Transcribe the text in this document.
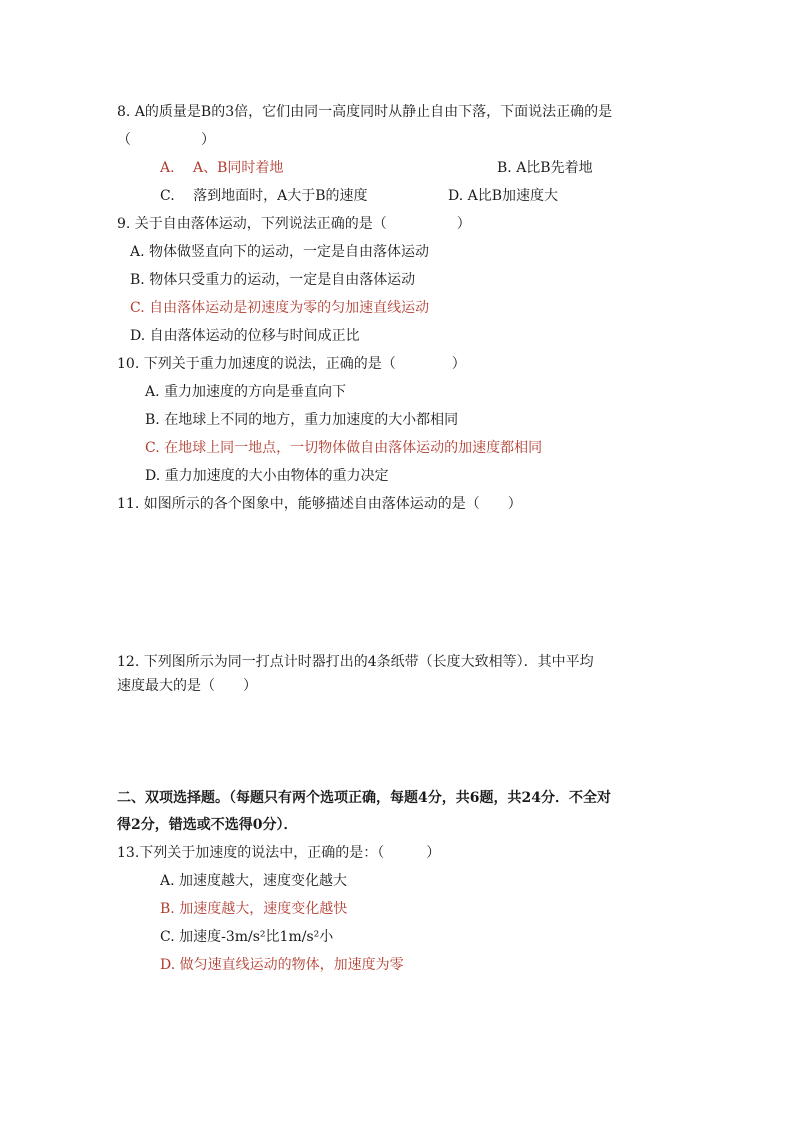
8. A的质量是B的3倍，它们由同一高度同时从静止自由下落，下面说法正确的是
（　　　　　）
A.　 A、B同时着地	B. A比B先着地
C.　 落到地面时，A大于B的速度	D. A比B加速度大
9. 关于自由落体运动，下列说法正确的是（　　　　　）
A. 物体做竖直向下的运动，一定是自由落体运动
B. 物体只受重力的运动，一定是自由落体运动
C. 自由落体运动是初速度为零的匀加速直线运动
D. 自由落体运动的位移与时间成正比
10. 下列关于重力加速度的说法，正确的是（　　　　）
A. 重力加速度的方向是垂直向下
B. 在地球上不同的地方，重力加速度的大小都相同
C. 在地球上同一地点，一切物体做自由落体运动的加速度都相同
D. 重力加速度的大小由物体的重力决定
11. 如图所示的各个图象中，能够描述自由落体运动的是（　　）
12. 下列图所示为同一打点计时器打出的4条纸带（长度大致相等）．其中平均
速度最大的是（　　）
二、双项选择题。（每题只有两个选项正确，每题4分，共6题，共24分．不全对
得2分，错选或不选得0分）．
13.下列关于加速度的说法中，正确的是：（　　　）
A. 加速度越大，速度变化越大
B. 加速度越大，速度变化越快
C. 加速度-3m/s²比1m/s²小
D. 做匀速直线运动的物体，加速度为零
